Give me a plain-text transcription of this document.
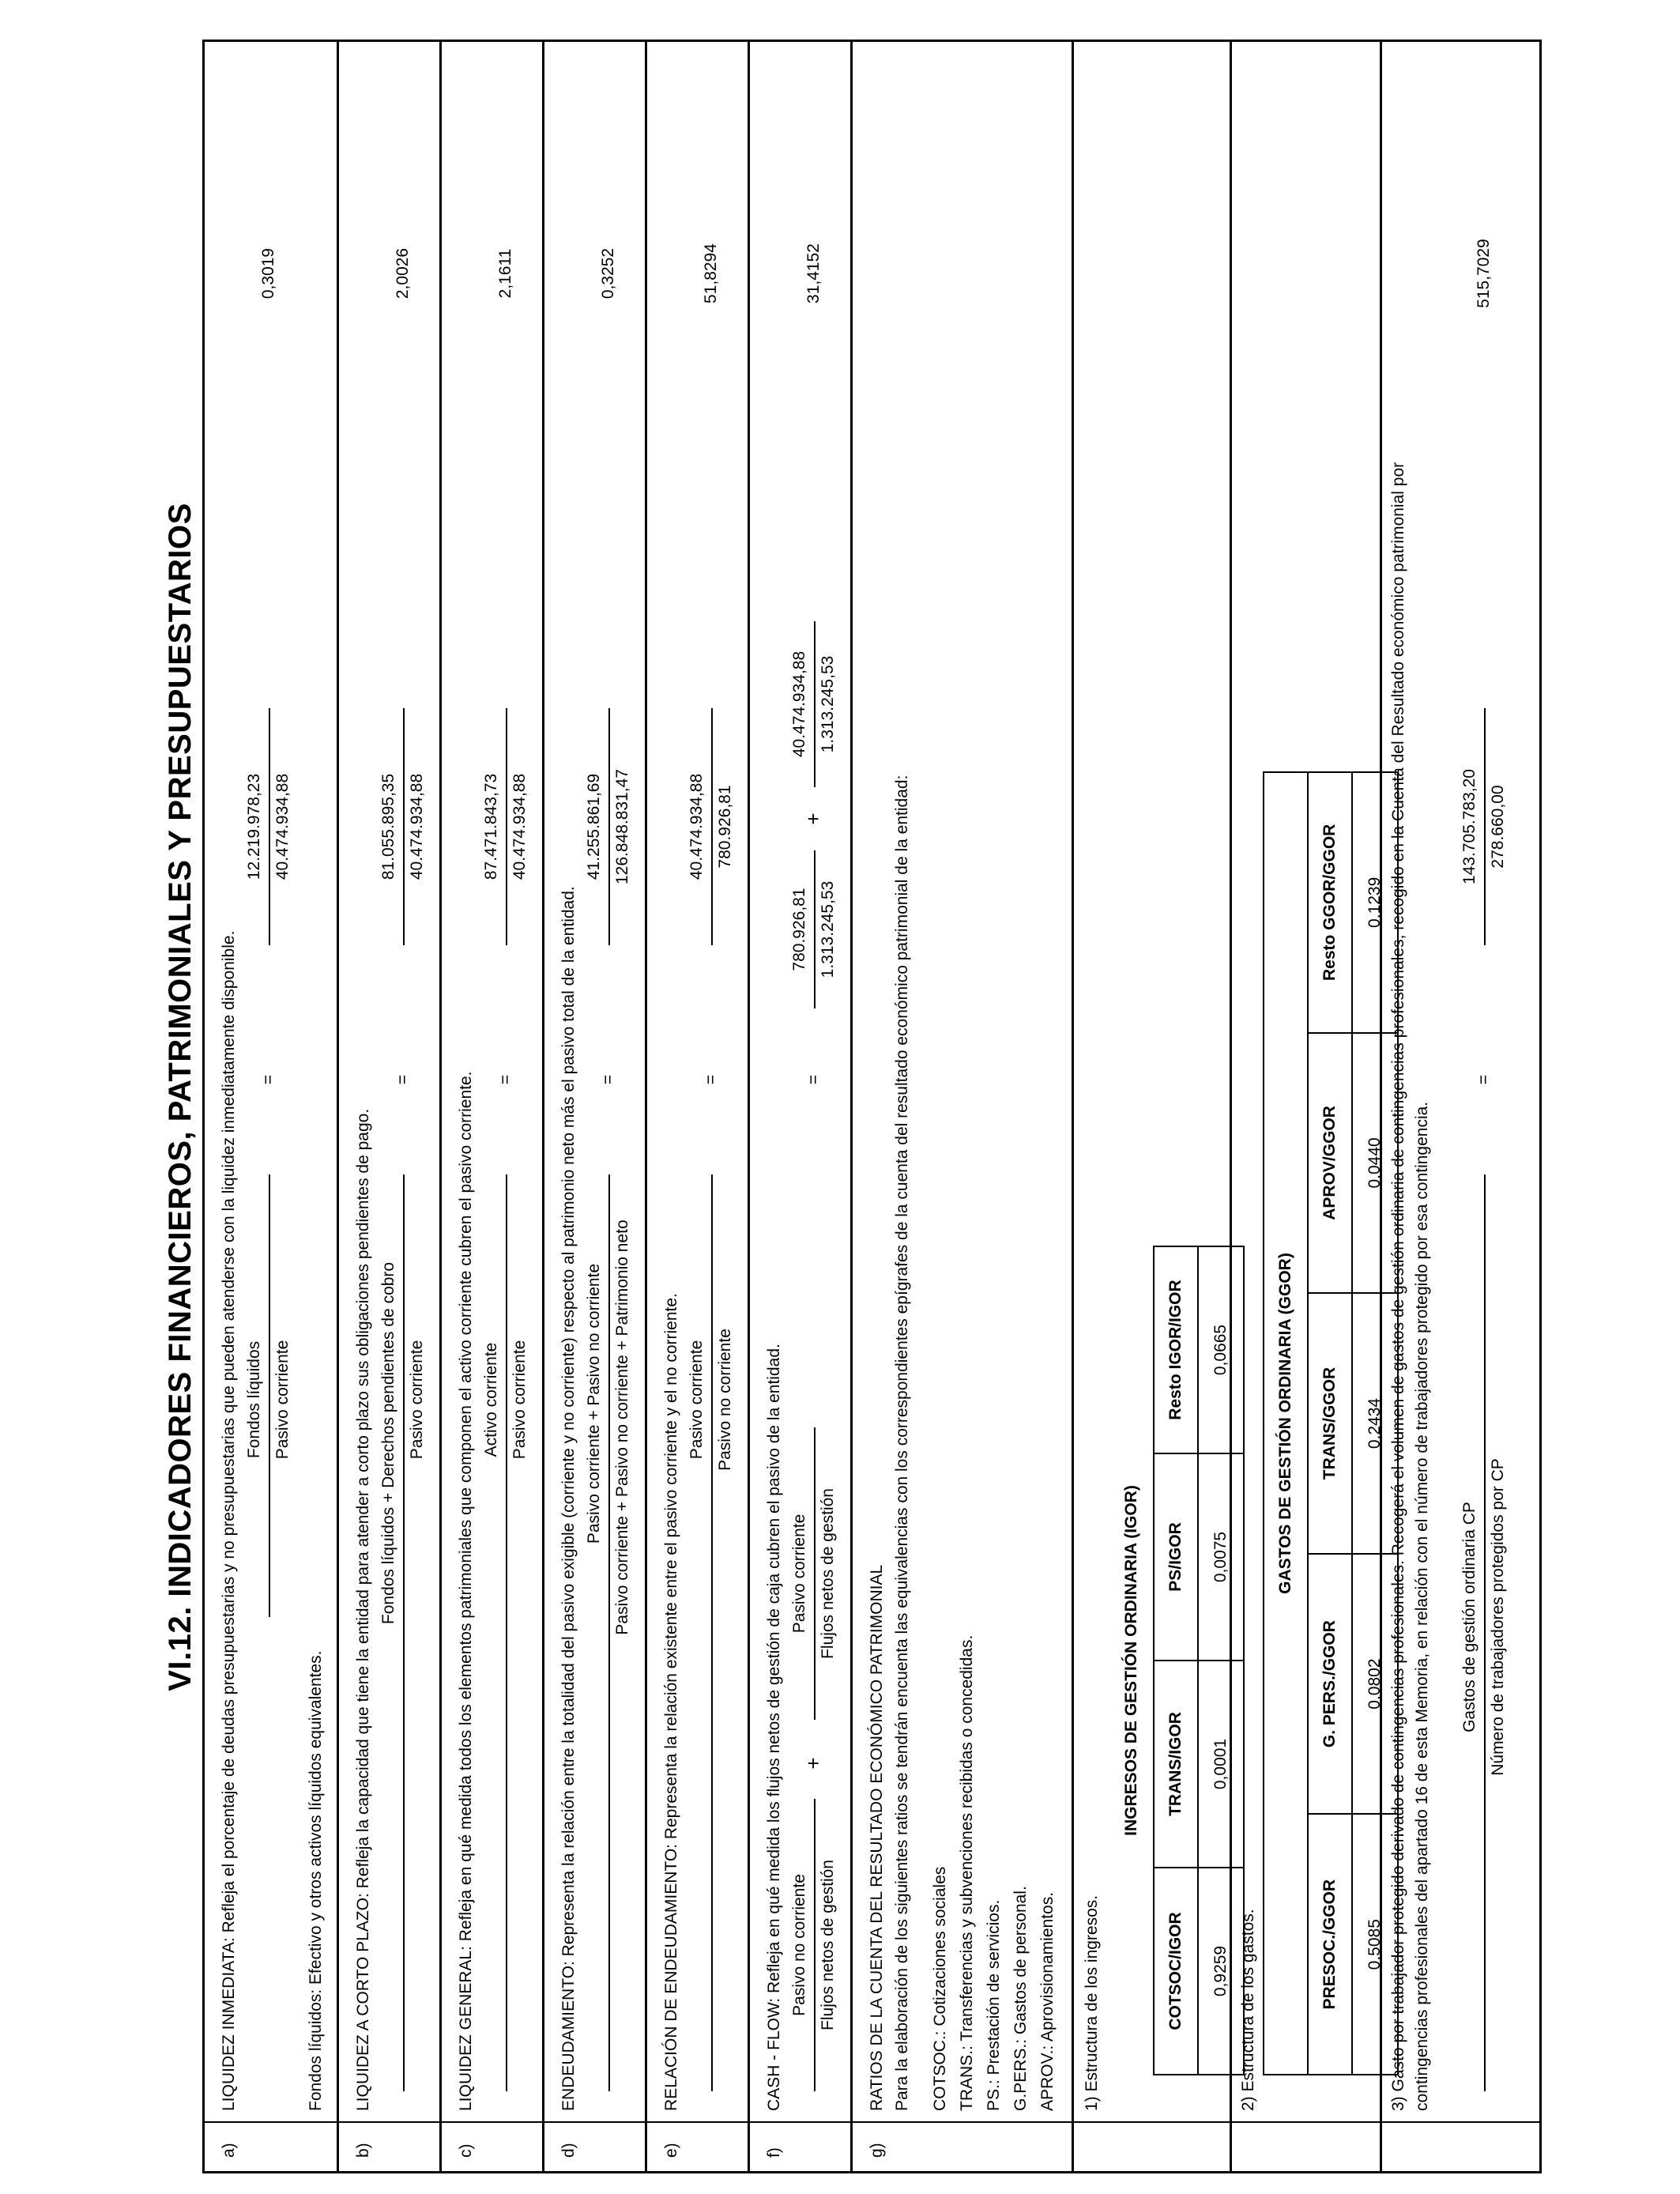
VI.12. INDICADORES FINANCIEROS, PATRIMONIALES Y PRESUPUESTARIOS
a)
LIQUIDEZ INMEDIATA: Refleja el porcentaje de deudas presupuestarias y no presupuestarias que pueden atenderse con la liquidez inmediatamente disponible. Fondos líquidos Pasivo corriente
=
12.219.978,23 40.474.934,88
0,3019
Fondos líquidos: Efectivo y otros activos líquidos equivalentes.
b)
LIQUIDEZ A CORTO PLAZO: Refleja la capacidad que tiene la entidad para atender a corto plazo sus obligaciones pendientes de pago. Fondos líquidos + Derechos pendientes de cobro Pasivo corriente
=
81.055.895,35 40.474.934,88
2,0026
c)
LIQUIDEZ GENERAL: Refleja en qué medida todos los elementos patrimoniales que componen el activo corriente cubren el pasivo corriente. Activo corriente Pasivo corriente
=
87.471.843,73 40.474.934,88
2,1611
d)
ENDEUDAMIENTO: Representa la relación entre la totalidad del pasivo exigible (corriente y no corriente) respecto al patrimonio neto más el pasivo total de la entidad. Pasivo corriente + Pasivo no corriente Pasivo corriente + Pasivo no corriente + Patrimonio neto
=
41.255.861,69 126.848.831,47
0,3252
e)
RELACIÓN DE ENDEUDAMIENTO: Representa la relación existente entre el pasivo corriente y el no corriente. Pasivo corriente Pasivo no corriente
=
40.474.934,88 780.926,81
51,8294
f)
CASH - FLOW: Refleja en qué medida los flujos netos de gestión de caja cubren el pasivo de la entidad. Pasivo no corriente Flujos netos de gestión
+
Pasivo corriente Flujos netos de gestión
=
780.926,81 1.313.245,53
+
40.474.934,88 1.313.245,53
31,4152
g)
RATIOS DE LA CUENTA DEL RESULTADO ECONÓMICO PATRIMONIAL Para la elaboración de los siguientes ratios se tendrán encuenta las equivalencias con los correspondientes epígrafes de la cuenta del resultado económico patrimonial de la entidad: COTSOC.: Cotizaciones sociales TRANS.: Transferencias y subvenciones recibidas o concedidas. PS.: Prestación de servicios. G.PERS.: Gastos de personal. APROV.: Aprovisionamientos. 1) Estructura de los ingresos.
INGRESOS DE GESTIÓN ORDINARIA (IGOR)			
COTSOC/IGOR	TRANS/IGOR	PS/IGOR	Resto IGOR/IGOR
0,9259	0,0001	0,0075	0,0665
2) Estructura de los gastos.
GASTOS DE GESTIÓN ORDINARIA (GGOR)				
PRESOC./GGOR	G. PERS./GGOR	TRANS/GGOR	APROV/GGOR	Resto GGOR/GGOR
0,5085	0,0802	0,2434	0,0440	0,1239 3) Gasto por trabajador protegido derivado de contingencias profesionales. Recogerá el volumen de gastos de gestión ordinaria de contingencias profesionales, recogido en la Cuenta del Resultado económico patrimonial por contingencias profesionales del apartado 16 de esta Memoria, en relación con el número de trabajadores protegido por esa contingencia. Gastos de gestión ordinaria CP Número de trabajadores protegidos por CP
=
143.705.783,20 278.660,00
515,7029
